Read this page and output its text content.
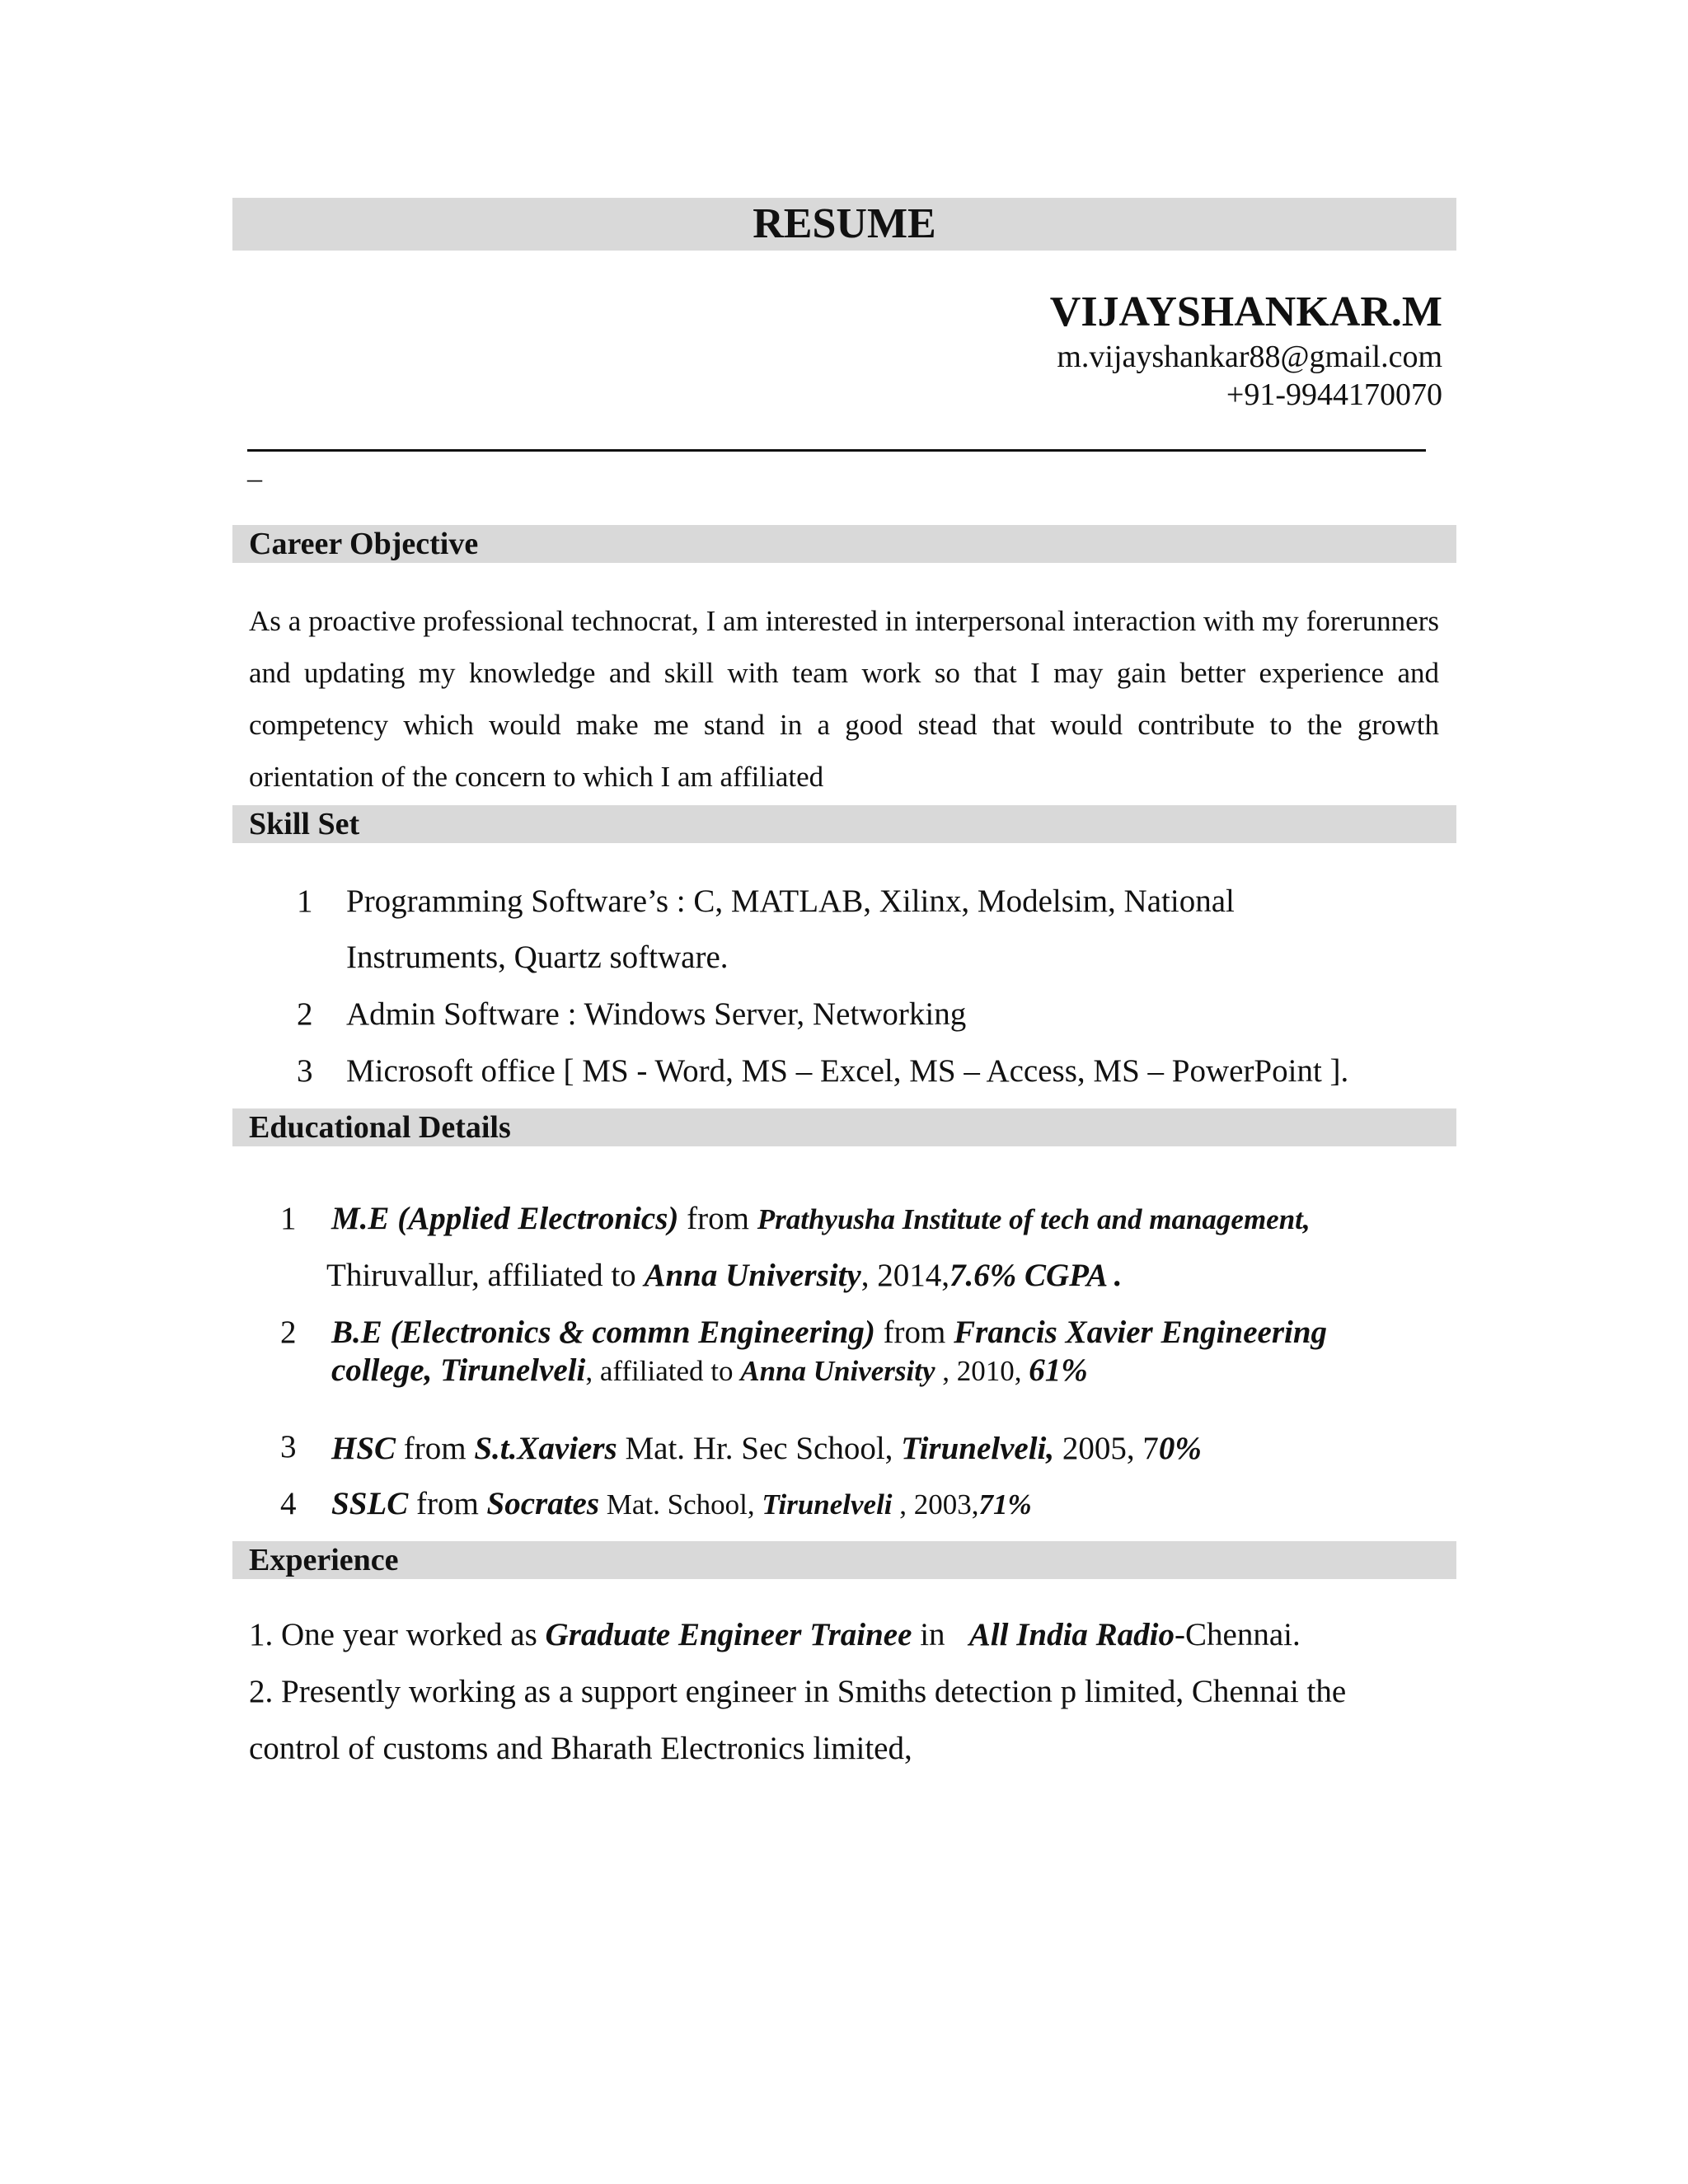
RESUME
VIJAYSHANKAR.M
m.vijayshankar88@gmail.com
+91-9944170070
–
Career Objective
As a proactive professional technocrat, I am interested in interpersonal interaction with my forerunners and updating my knowledge and skill with team work so that I may gain better experience and competency which would make me stand in a good stead that would contribute to the growth orientation of the concern to which I am affiliated
Skill Set
1 Programming Software’s : C, MATLAB, Xilinx, Modelsim, National
Instruments, Quartz software.
2 Admin Software : Windows Server, Networking
3 Microsoft office [ MS - Word, MS – Excel, MS – Access, MS – PowerPoint ].
Educational Details
1 M.E (Applied Electronics) from Prathyusha Institute of tech and management,
Thiruvallur, affiliated to Anna University, 2014,7.6% CGPA .
2 B.E (Electronics & commn Engineering) from Francis Xavier Engineering
college, Tirunelveli, affiliated to Anna University , 2010, 61%
3 HSC from S.t.Xaviers Mat. Hr. Sec School, Tirunelveli, 2005, 70%
4 SSLC from Socrates Mat. School, Tirunelveli , 2003,71%
Experience
1. One year worked as Graduate Engineer Trainee in   All India Radio-Chennai.
2. Presently working as a support engineer in Smiths detection p limited, Chennai the
control of customs and Bharath Electronics limited,
